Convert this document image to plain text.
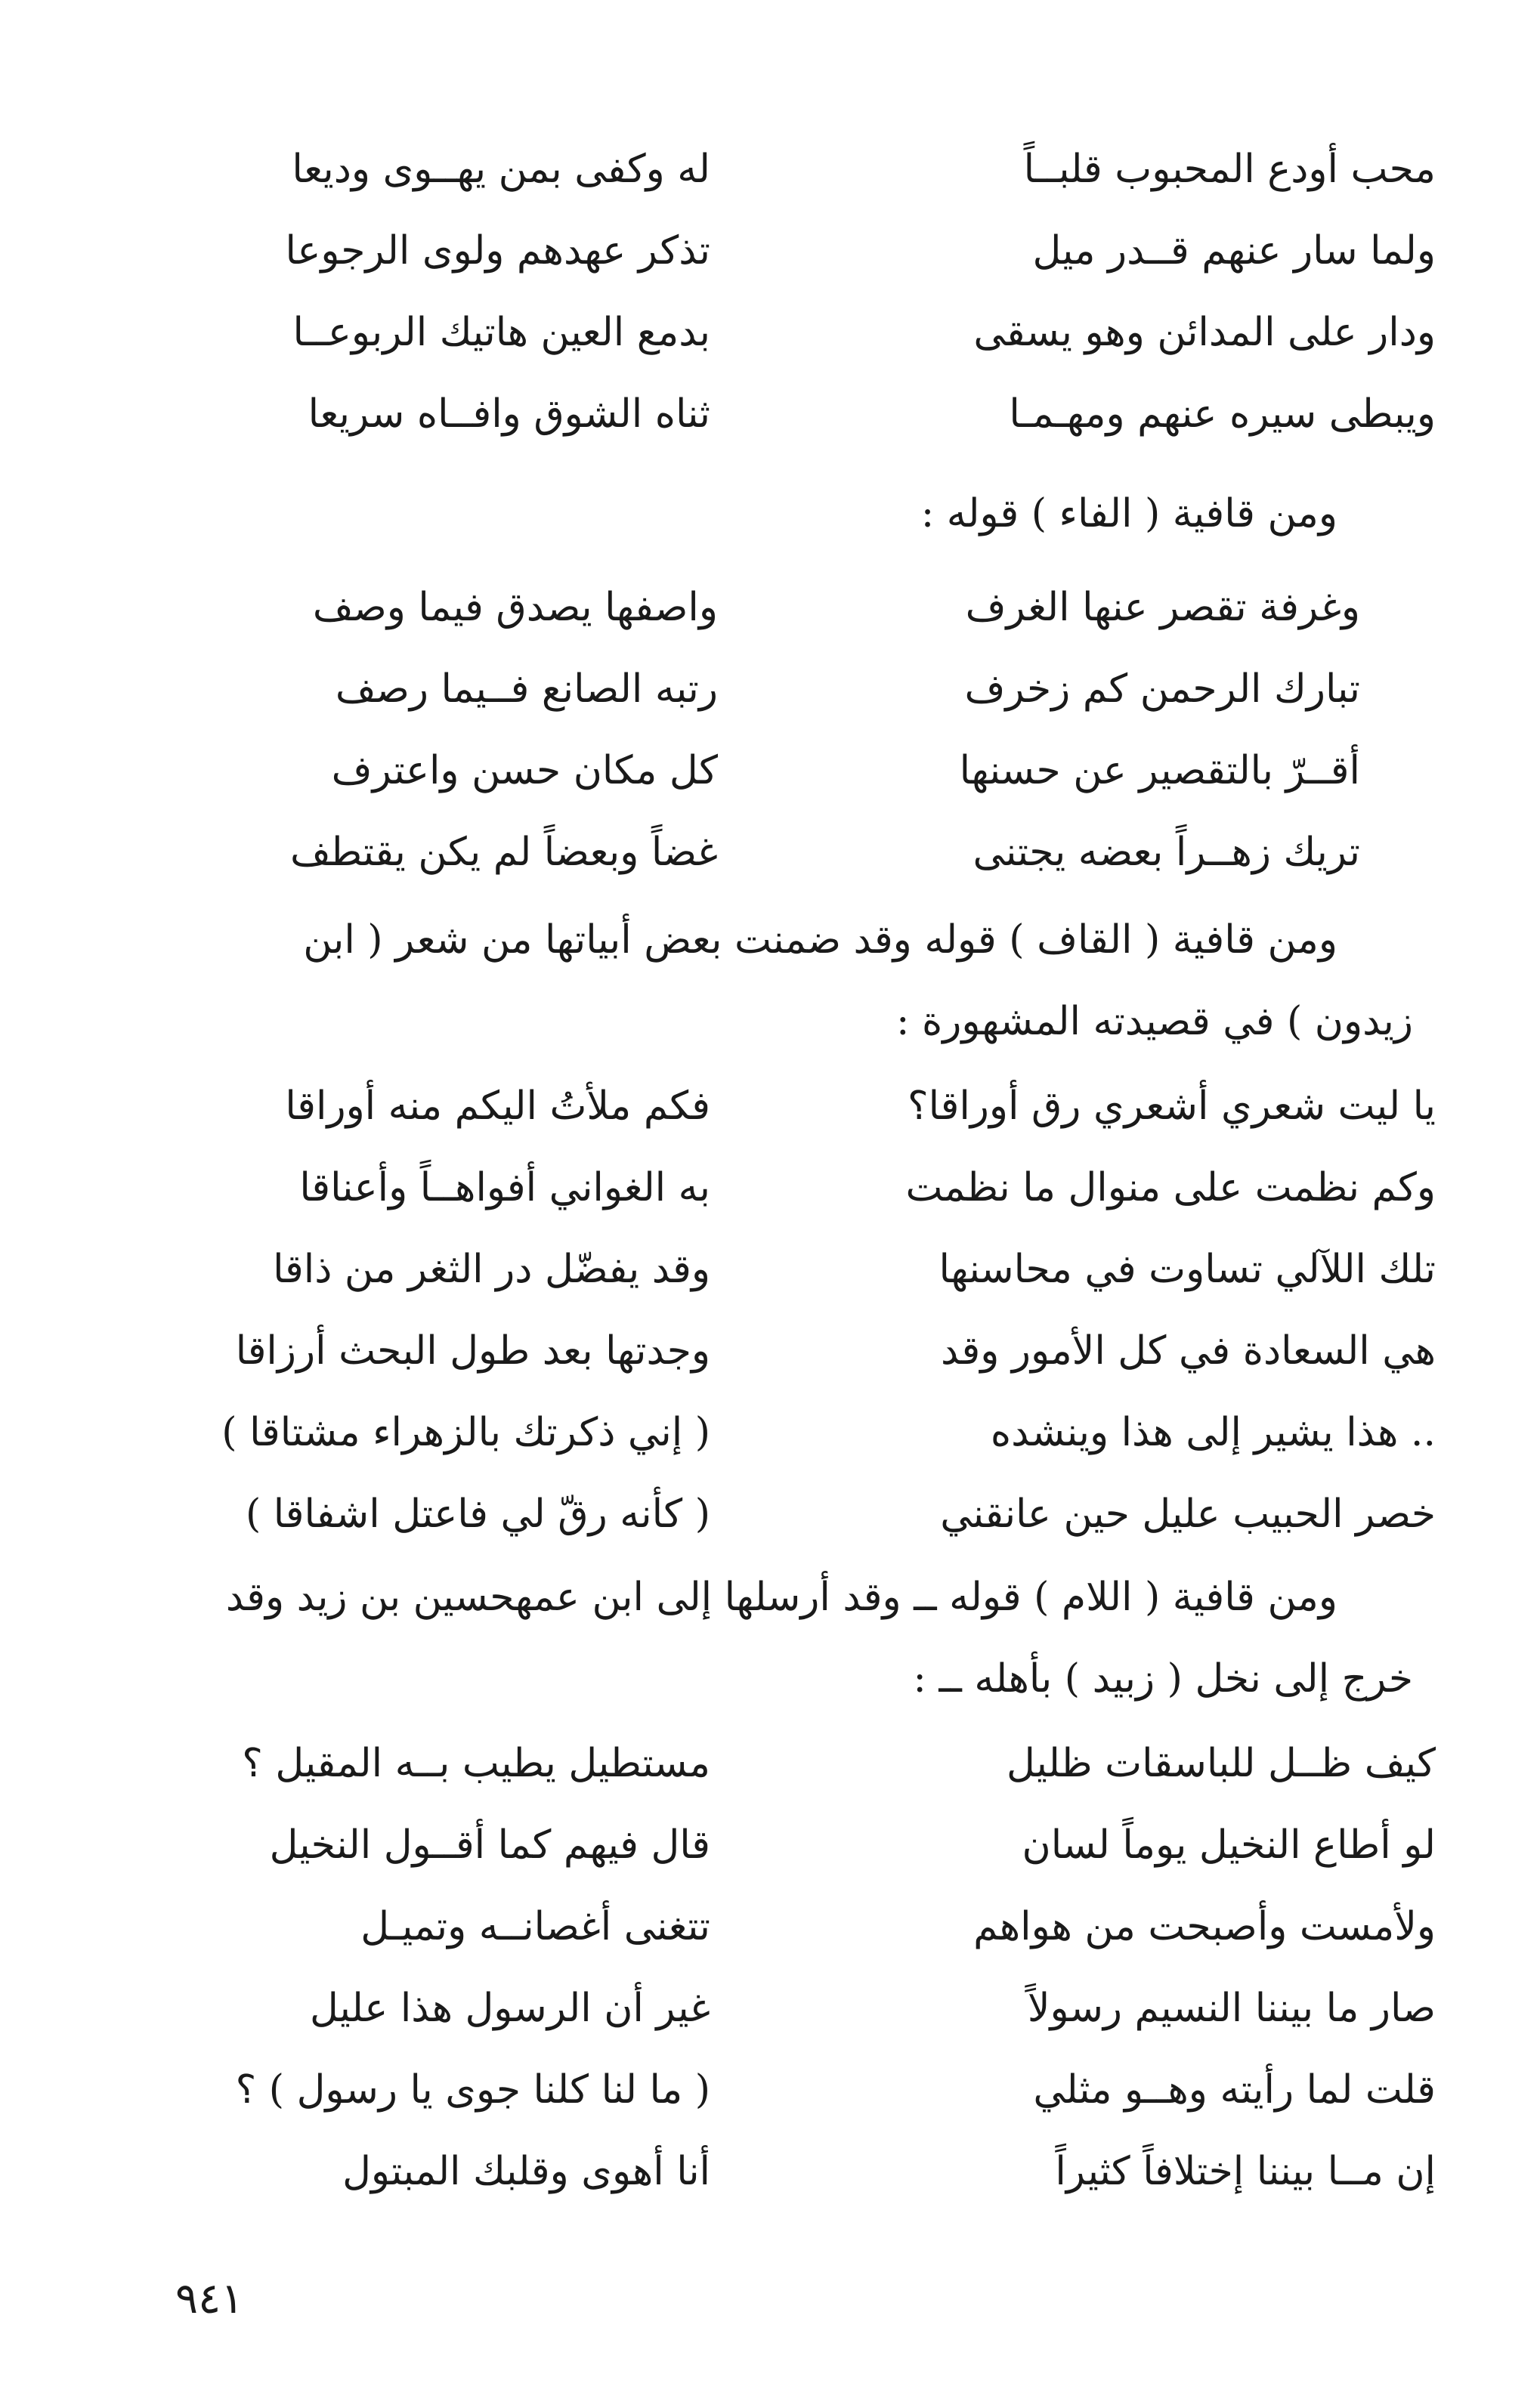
محب أودع المحبوب قلبــاً
له وكفى بمن يهــوى وديعا
ولما سار عنهم قــدر ميل
تذكر عهدهم ولوى الرجوعا
ودار على المدائن وهو يسقى
بدمع العين هاتيك الربوعــا
ويبطى سيره عنهم ومهـمـا
ثناه الشوق وافــاه سريعا

ومن قافية ( الفاء ) قوله :

وغرفة تقصر عنها الغرف
واصفها يصدق فيما وصف
تبارك الرحمن كم زخرف
رتبه الصانع فــيما رصف
أقــرّ بالتقصير عن حسنها
كل مكان حسن واعترف
تريك زهــراً بعضه يجتنى
غضاً وبعضاً لم يكن يقتطف

ومن قافية ( القاف ) قوله وقد ضمنت بعض أبياتها من شعر ( ابن

زيدون ) في قصيدته المشهورة :

يا ليت شعري أشعري رق أوراقا؟
فكم ملأتُ اليكم منه أوراقا
وكم نظمت على منوال ما نظمت
به الغواني أفواهــاً وأعناقا
تلك اللآلي تساوت في محاسنها
وقد يفضّل در الثغر من ذاقا
هي السعادة في كل الأمور وقد
وجدتها بعد طول البحث أرزاقا
.. هذا يشير إلى هذا وينشده
( إني ذكرتك بالزهراء مشتاقا )
خصر الحبيب عليل حين عانقني
( كأنه رقّ لي فاعتل اشفاقا )

ومن قافية ( اللام ) قوله ــ وقد أرسلها إلى ابن عمهحسين بن زيد وقد

خرج إلى نخل ( زبيد ) بأهله ــ :

كيف ظــل للباسقات ظليل
مستطيل يطيب بــه المقيل ؟
لو أطاع النخيل يوماً لسان
قال فيهم كما أقــول النخيل
ولأمست وأصبحت من هواهم
تتغنى أغصانــه وتميـل
صار ما بيننا النسيم رسولاً
غير أن الرسول هذا عليل
قلت لما رأيته وهــو مثلي
( ما لنا كلنا جوى يا رسول ) ؟
إن مــا بيننا إختلافاً كثيراً
أنا أهوى وقلبك المبتول
٩٤١
